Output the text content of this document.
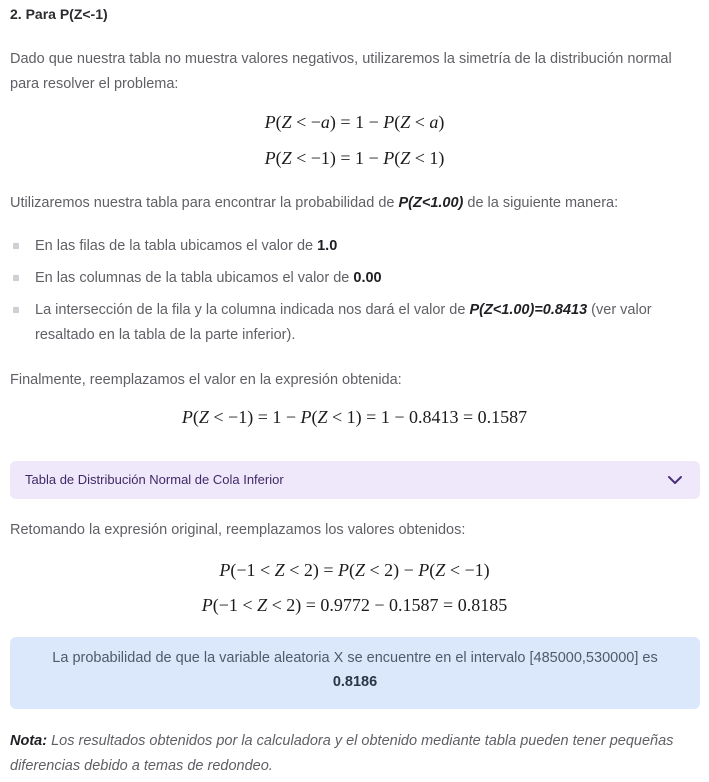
2. Para P(Z<-1)
Dado que nuestra tabla no muestra valores negativos, utilizaremos la simetría de la distribución normal para resolver el problema:
P(Z < −a) = 1 − P(Z < a)
P(Z < −1) = 1 − P(Z < 1)
Utilizaremos nuestra tabla para encontrar la probabilidad de P(Z<1.00) de la siguiente manera:
En las filas de la tabla ubicamos el valor de 1.0
En las columnas de la tabla ubicamos el valor de 0.00
La intersección de la fila y la columna indicada nos dará el valor de P(Z<1.00)=0.8413 (ver valor resaltado en la tabla de la parte inferior).
Finalmente, reemplazamos el valor en la expresión obtenida:
P(Z < −1) = 1 − P(Z < 1) = 1 − 0.8413 = 0.1587
Tabla de Distribución Normal de Cola Inferior
Retomando la expresión original, reemplazamos los valores obtenidos:
P(−1 < Z < 2) = P(Z < 2) − P(Z < −1)
P(−1 < Z < 2) = 0.9772 − 0.1587 = 0.8185
La probabilidad de que la variable aleatoria X se encuentre en el intervalo [485000,530000] es
0.8186
Nota: Los resultados obtenidos por la calculadora y el obtenido mediante tabla pueden tener pequeñas diferencias debido a temas de redondeo.
